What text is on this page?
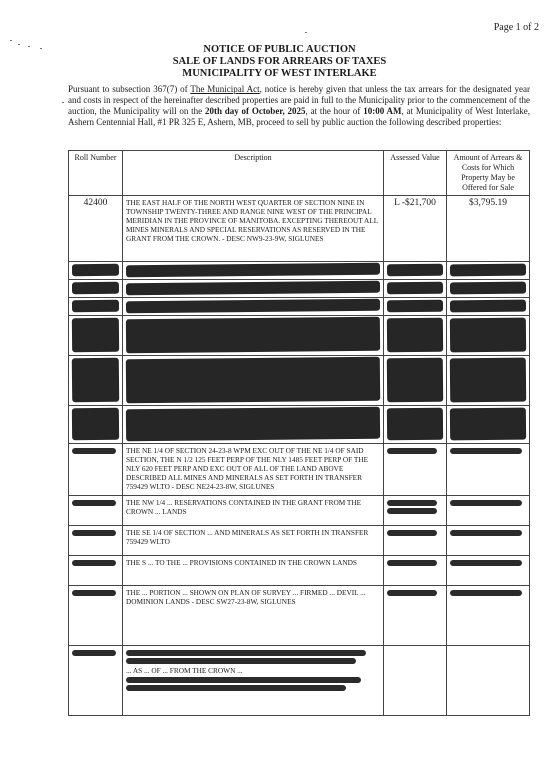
Page 1 of 2
NOTICE OF PUBLIC AUCTION
SALE OF LANDS FOR ARREARS OF TAXES
MUNICIPALITY OF WEST INTERLAKE
Pursuant to subsection 367(7) of The Municipal Act, notice is hereby given that unless the tax arrears for the designated year and costs in respect of the hereinafter described properties are paid in full to the Municipality prior to the commencement of the auction, the Municipality will on the 20th day of October, 2025, at the hour of 10:00 AM, at Municipality of West Interlake, Ashern Centennial Hall, #1 PR 325 E, Ashern, MB, proceed to sell by public auction the following described properties:
Roll Number	Description	Assessed Value	Amount of Arrears & Costs for Which Property May be Offered for Sale
42400	THE EAST HALF OF THE NORTH WEST QUARTER OF SECTION NINE IN TOWNSHIP TWENTY-THREE AND RANGE NINE WEST OF THE PRINCIPAL MERIDIAN IN THE PROVINCE OF MANITOBA. EXCEPTING THEREOUT ALL MINES MINERALS AND SPECIAL RESERVATIONS AS RESERVED IN THE GRANT FROM THE CROWN. - DESC NW9-23-9W, SIGLUNES	L -$21,700	$3,795.19

	THE NE 1/4 OF SECTION 24-23-8 WPM EXC OUT OF THE NE 1/4 OF SAID SECTION, THE N 1/2 125 FEET PERP OF THE NLY 1485 FEET PERP OF THE NLY 620 FEET PERP AND EXC OUT OF ALL OF THE LAND ABOVE DESCRIBED ALL MINES AND MINERALS AS SET FORTH IN TRANSFER 759429 WLTO - DESC NE24-23-8W, SIGLUNES	

	THE NW 1/4 ... RESERVATIONS CONTAINED IN THE GRANT FROM THE CROWN ... LANDS	

	THE SE 1/4 OF SECTION ... AND MINERALS AS SET FORTH IN TRANSFER 759429 WLTO	

	THE S ... TO THE ... PROVISIONS CONTAINED IN THE CROWN LANDS	

	THE ... PORTION ... SHOWN ON PLAN OF SURVEY ... FIRMED ... DEVIL ... DOMINION LANDS - DESC SW27-23-8W, SIGLUNES	

... AS ... OF ... FROM THE CROWN ...
